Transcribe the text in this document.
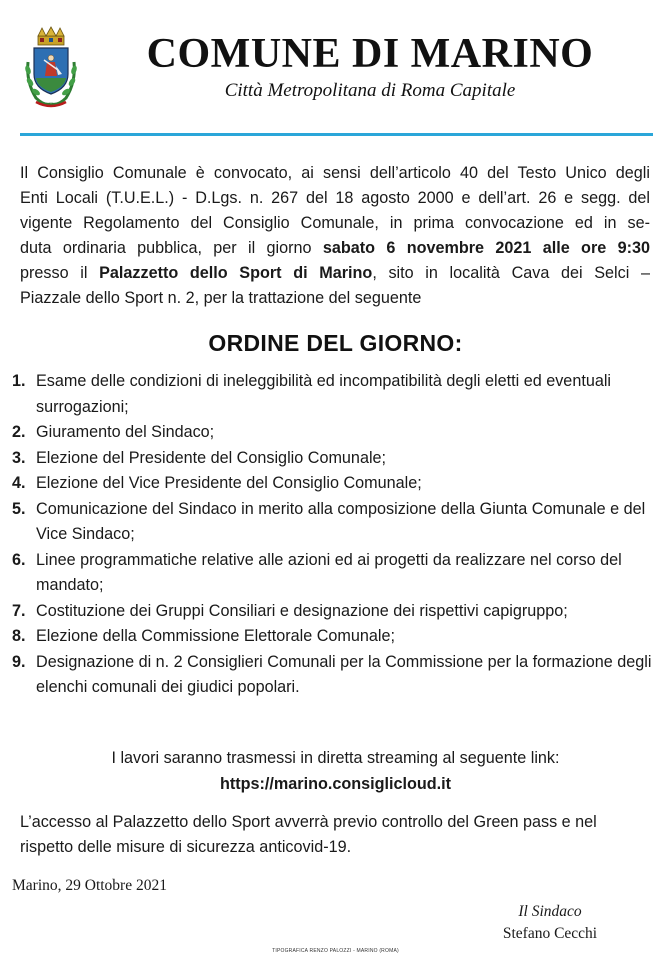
COMUNE DI MARINO
Città Metropolitana di Roma Capitale
Il Consiglio Comunale è convocato, ai sensi dell’articolo 40 del Testo Unico degli
Enti Locali (T.U.E.L.) - D.Lgs. n. 267 del 18 agosto 2000 e dell’art. 26 e segg. del
vigente Regolamento del Consiglio Comunale, in prima convocazione ed in se-
duta ordinaria pubblica, per il giorno sabato 6 novembre 2021 alle ore 9:30
presso il Palazzetto dello Sport di Marino, sito in località Cava dei Selci –
Piazzale dello Sport n. 2, per la trattazione del seguente
ORDINE DEL GIORNO:
1. Esame delle condizioni di ineleggibilità ed incompatibilità degli eletti ed eventuali surrogazioni;
2. Giuramento del Sindaco;
3. Elezione del Presidente del Consiglio Comunale;
4. Elezione del Vice Presidente del Consiglio Comunale;
5. Comunicazione del Sindaco in merito alla composizione della Giunta Comunale e del Vice Sindaco;
6. Linee programmatiche relative alle azioni ed ai progetti da realizzare nel corso del mandato;
7. Costituzione dei Gruppi Consiliari e designazione dei rispettivi capigruppo;
8. Elezione della Commissione Elettorale Comunale;
9. Designazione di n. 2 Consiglieri Comunali per la Commissione per la formazione degli elenchi comunali dei giudici popolari.
I lavori saranno trasmessi in diretta streaming al seguente link:
https://marino.consiglicloud.it
L’accesso al Palazzetto dello Sport avverrà previo controllo del Green pass e nel rispetto delle misure di sicurezza anticovid-19.
Marino, 29 Ottobre 2021
Il Sindaco
Stefano Cecchi
TIPOGRAFICA RENZO PALOZZI - MARINO (ROMA)
